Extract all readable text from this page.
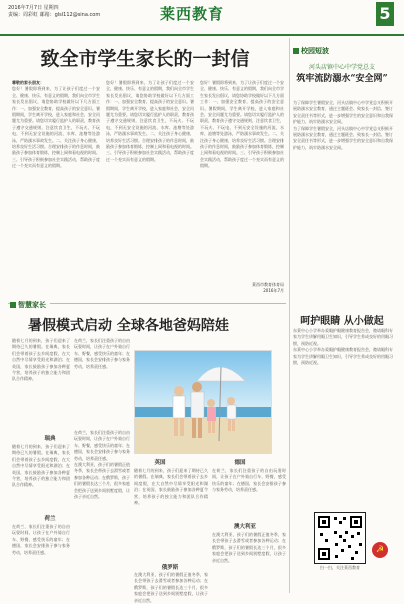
2016年7月7日 星期四
责编：周彩虹 邮箱：glsl112@sina.com	莱西教育	5
致全市学生家长的一封信
尊敬的家长朋友：
您好！暑假即将到来，为了让孩子们度过一个安全、健康、快乐、有意义的假期，我们向全市学生家长发出倡议，请您协助学校做好以下几方面工作：一、加强安全教育，提高孩子的安全意识。暑假期间，学生离开学校，进入家庭和社会，安全问题尤为重要。请您切实履行监护人的职责，教育孩子遵守交通规则，注意饮食卫生，不玩火、不玩电，不到无安全设施的河流、水库、池塘等处游泳，严防溺水事故发生。二、关注孩子身心健康，培养良好生活习惯。合理安排孩子的作息时间，鼓励孩子参加体育锻炼，控制上网和看电视的时间。三、引导孩子积极参加社会实践活动，帮助孩子度过一个充实而有意义的假期。
您好！暑假即将到来，为了让孩子们度过一个安全、健康、快乐、有意义的假期，我们向全市学生家长发出倡议，请您协助学校做好以下几方面工作：一、加强安全教育，提高孩子的安全意识。暑假期间，学生离开学校，进入家庭和社会，安全问题尤为重要。请您切实履行监护人的职责，教育孩子遵守交通规则，注意饮食卫生，不玩火、不玩电，不到无安全设施的河流、水库、池塘等处游泳，严防溺水事故发生。二、关注孩子身心健康，培养良好生活习惯。合理安排孩子的作息时间，鼓励孩子参加体育锻炼，控制上网和看电视的时间。三、引导孩子积极参加社会实践活动，帮助孩子度过一个充实而有意义的假期。
您好！暑假即将到来，为了让孩子们度过一个安全、健康、快乐、有意义的假期，我们向全市学生家长发出倡议，请您协助学校做好以下几方面工作：一、加强安全教育，提高孩子的安全意识。暑假期间，学生离开学校，进入家庭和社会，安全问题尤为重要。请您切实履行监护人的职责，教育孩子遵守交通规则，注意饮食卫生，不玩火、不玩电，不到无安全设施的河流、水库、池塘等处游泳，严防溺水事故发生。二、关注孩子身心健康，培养良好生活习惯。合理安排孩子的作息时间，鼓励孩子参加体育锻炼，控制上网和看电视的时间。三、引导孩子积极参加社会实践活动，帮助孩子度过一个充实而有意义的假期。
莱西市教育体育局
2016年7月
校园短波
河头店镇中心中学党总支
筑牢流防溺水“安全网”
为了保障学生暑假安全，河头店镇中心中学党总支积极开展防溺水安全教育，通过主题班会、致家长一封信、签订安全责任书等形式，进一步增强学生的安全意识和自我保护能力，筑牢防溺水安全网。
为了保障学生暑假安全，河头店镇中心中学党总支积极开展防溺水安全教育，通过主题班会、致家长一封信、签订安全责任书等形式，进一步增强学生的安全意识和自我保护能力，筑牢防溺水安全网。
呵护眼睛 从小做起
东莱中心小学举办爱眼护眼健康教育报告会，邀请眼科专家为学生讲解用眼卫生知识，引导学生养成良好的用眼习惯，预防近视。
东莱中心小学举办爱眼护眼健康教育报告会，邀请眼科专家为学生讲解用眼卫生知识，引导学生养成良好的用眼习惯，预防近视。
扫一扫，关注莱西教育
☭
智慧家长
暑假模式启动 全球各地爸妈陪娃
随着七月的到来，孩子们迎来了期待已久的暑假。在瑞典，家长们会带着孩子去乡间度假，在大自然中尽情享受阳光和湖泊；在英国，家长鼓励孩子参加各种夏令营，培养孩子的独立能力和团队合作精神。
在荷兰，家长们注重孩子的自由玩耍时间，让孩子在户外骑自行车、野餐，感受快乐的童年；在德国，家长会安排孩子参与家务劳动，培养责任感。
瑞典
随着七月的到来，孩子们迎来了期待已久的暑假。在瑞典，家长们会带着孩子去乡间度假，在大自然中尽情享受阳光和湖泊；在英国，家长鼓励孩子参加各种夏令营，培养孩子的独立能力和团队合作精神。
荷兰
在荷兰，家长们注重孩子的自由玩耍时间，让孩子在户外骑自行车、野餐，感受快乐的童年；在德国，家长会安排孩子参与家务劳动，培养责任感。
在荷兰，家长们注重孩子的自由玩耍时间，让孩子在户外骑自行车、野餐，感受快乐的童年；在德国，家长会安排孩子参与家务劳动，培养责任感。
在澳大利亚，孩子们的暑假正值冬季，家长会带孩子去滑雪或者参加各种运动；在俄罗斯，孩子们的暑假长达三个月，很多家庭会把孩子送到乡间别墅度假，让孩子亲近自然。
英国
随着七月的到来，孩子们迎来了期待已久的暑假。在瑞典，家长们会带着孩子去乡间度假，在大自然中尽情享受阳光和湖泊；在英国，家长鼓励孩子参加各种夏令营，培养孩子的独立能力和团队合作精神。
俄罗斯
在澳大利亚，孩子们的暑假正值冬季，家长会带孩子去滑雪或者参加各种运动；在俄罗斯，孩子们的暑假长达三个月，很多家庭会把孩子送到乡间别墅度假，让孩子亲近自然。
德国
在荷兰，家长们注重孩子的自由玩耍时间，让孩子在户外骑自行车、野餐，感受快乐的童年；在德国，家长会安排孩子参与家务劳动，培养责任感。
澳大利亚
在澳大利亚，孩子们的暑假正值冬季，家长会带孩子去滑雪或者参加各种运动；在俄罗斯，孩子们的暑假长达三个月，很多家庭会把孩子送到乡间别墅度假，让孩子亲近自然。
